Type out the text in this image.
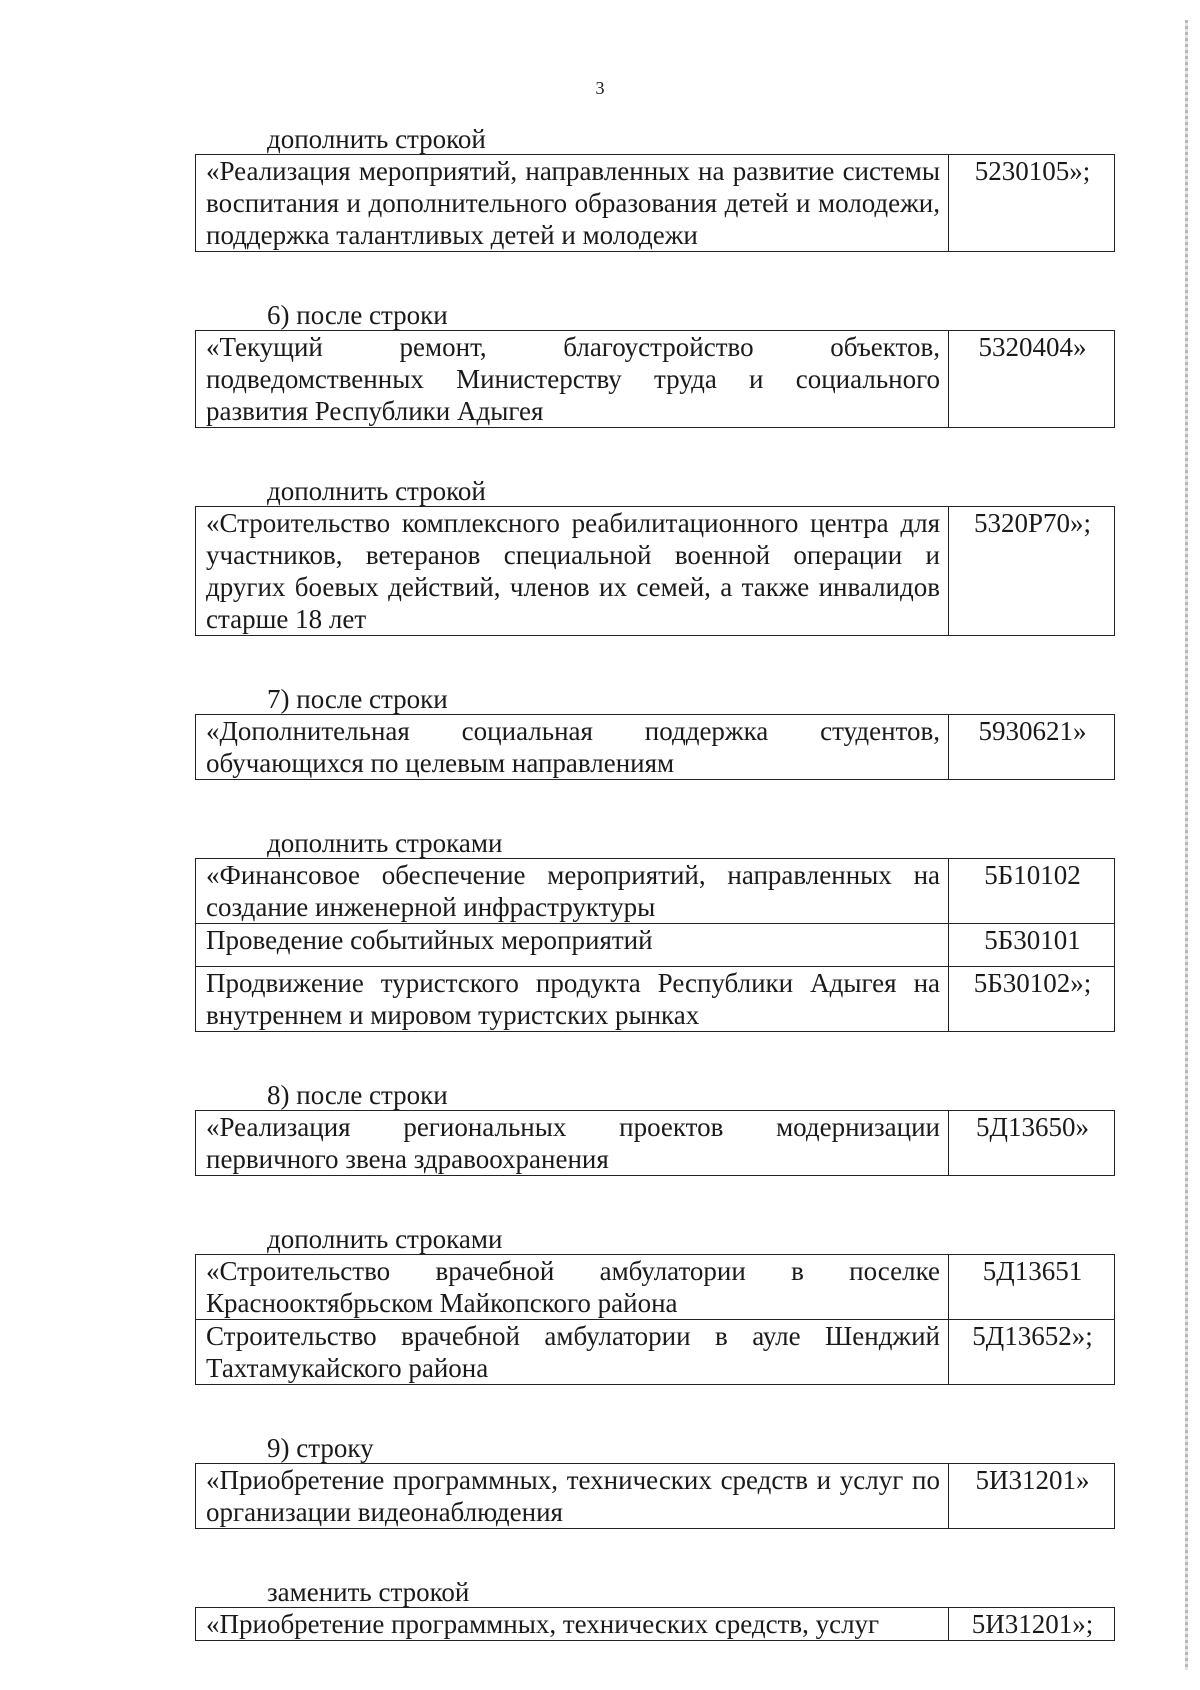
3
дополнить строкой
«Реализация мероприятий, направленных на развитие системы воспитания и дополнительного образования детей и молодежи, поддержка талантливых детей и молодежи	5230105»;
6) после строки
«Текущий ремонт, благоустройство объектов, подведомственных Министерству труда и социального развития Республики Адыгея	5320404»
дополнить строкой
«Строительство комплексного реабилитационного центра для участников, ветеранов специальной военной операции и других боевых действий, членов их семей, а также инвалидов старше 18 лет	5320P70»;
7) после строки
«Дополнительная социальная поддержка студентов, обучающихся по целевым направлениям	5930621»
дополнить строками
«Финансовое обеспечение мероприятий, направленных на создание инженерной инфраструктуры	5Б10102
Проведение событийных мероприятий	5Б30101
Продвижение туристского продукта Республики Адыгея на внутреннем и мировом туристских рынках	5Б30102»;
8) после строки
«Реализация региональных проектов модернизации первичного звена здравоохранения	5Д13650»
дополнить строками
«Строительство врачебной амбулатории в поселке Краснооктябрьском Майкопского района	5Д13651
Строительство врачебной амбулатории в ауле Шенджий Тахтамукайского района	5Д13652»;
9) строку
«Приобретение программных, технических средств и услуг по организации видеонаблюдения	5И31201»
заменить строкой
«Приобретение программных, технических средств, услуг	5И31201»;
